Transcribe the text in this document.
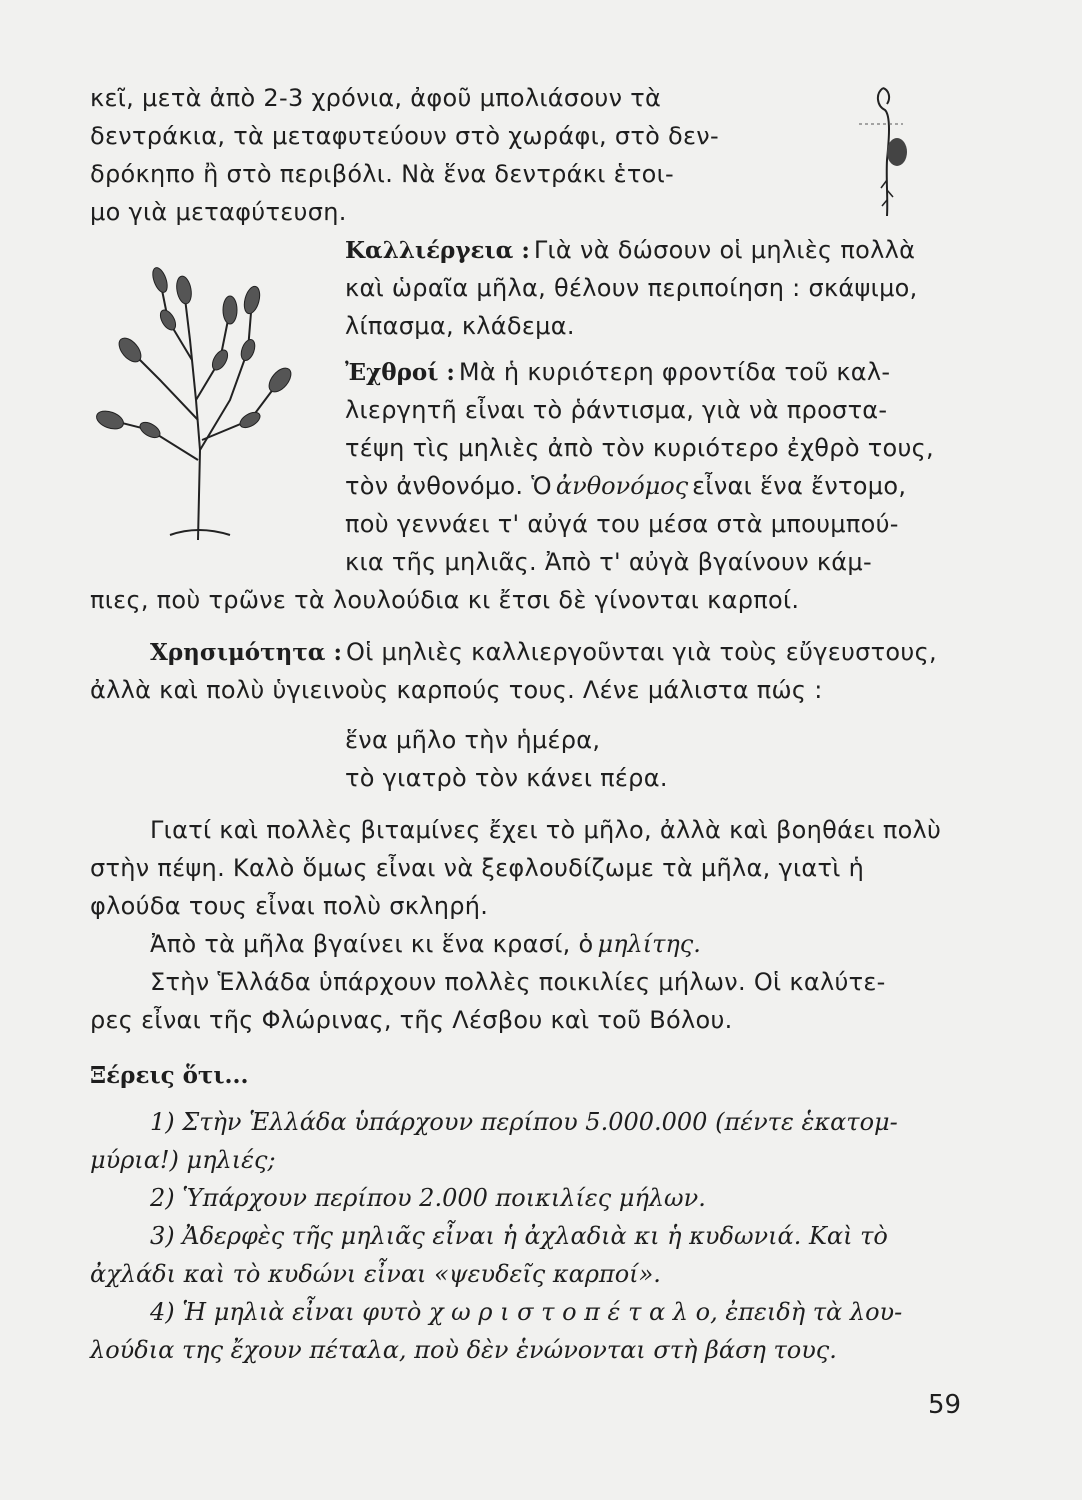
κεῖ, μετὰ ἀπὸ 2-3 χρόνια, ἀφοῦ μπολιάσουν τὰ
δεντράκια, τὰ μεταφυτεύουν στὸ χωράφι, στὸ δεν-
δρόκηπο ἢ στὸ περιβόλι. Νὰ ἕνα δεντράκι ἑτοι-
μο γιὰ μεταφύτευση.
Καλλιέργεια : Γιὰ νὰ δώσουν οἱ μηλιὲς πολλὰ
καὶ ὡραῖα μῆλα, θέλουν περιποίηση : σκάψιμο,
λίπασμα, κλάδεμα.
Ἐχθροί : Μὰ ἡ κυριότερη φροντίδα τοῦ καλ-
λιεργητῆ εἶναι τὸ ῥάντισμα, γιὰ νὰ προστα-
τέψη τὶς μηλιὲς ἀπὸ τὸν κυριότερο ἐχθρὸ τους,
τὸν ἀνθονόμο. Ὁ ἀνθονόμος εἶναι ἕνα ἔντομο,
ποὺ γεννάει τ' αὐγά του μέσα στὰ μπουμπού-
κια τῆς μηλιᾶς. Ἀπὸ τ' αὐγὰ βγαίνουν κάμ-
πιες, ποὺ τρῶνε τὰ λουλούδια κι ἔτσι δὲ γίνονται καρποί.
Χρησιμότητα : Οἱ μηλιὲς καλλιεργοῦνται γιὰ τοὺς εὔγευστους,
ἀλλὰ καὶ πολὺ ὑγιεινοὺς καρπούς τους. Λένε μάλιστα πώς :
ἕνα μῆλο τὴν ἡμέρα,
τὸ γιατρὸ τὸν κάνει πέρα.
Γιατί καὶ πολλὲς βιταμίνες ἔχει τὸ μῆλο, ἀλλὰ καὶ βοηθάει πολὺ
στὴν πέψη. Καλὸ ὅμως εἶναι νὰ ξεφλουδίζωμε τὰ μῆλα, γιατὶ ἡ
φλούδα τους εἶναι πολὺ σκληρή.
Ἀπὸ τὰ μῆλα βγαίνει κι ἕνα κρασί, ὁ μηλίτης.
Στὴν Ἑλλάδα ὑπάρχουν πολλὲς ποικιλίες μήλων. Οἱ καλύτε-
ρες εἶναι τῆς Φλώρινας, τῆς Λέσβου καὶ τοῦ Βόλου.
Ξέρεις ὅτι...
1) Στὴν Ἑλλάδα ὑπάρχουν περίπου 5.000.000 (πέντε ἑκατομ-
μύρια!) μηλιές;
2) Ὑπάρχουν περίπου 2.000 ποικιλίες μήλων.
3) Ἀδερφὲς τῆς μηλιᾶς εἶναι ἡ ἀχλαδιὰ κι ἡ κυδωνιά. Καὶ τὸ
ἀχλάδι καὶ τὸ κυδώνι εἶναι «ψευδεῖς καρποί».
4) Ἡ μηλιὰ εἶναι φυτὸ χ ω ρ ι σ τ ο π έ τ α λ ο, ἐπειδὴ τὰ λου-
λούδια της ἔχουν πέταλα, ποὺ δὲν ἑνώνονται στὴ βάση τους.
59
